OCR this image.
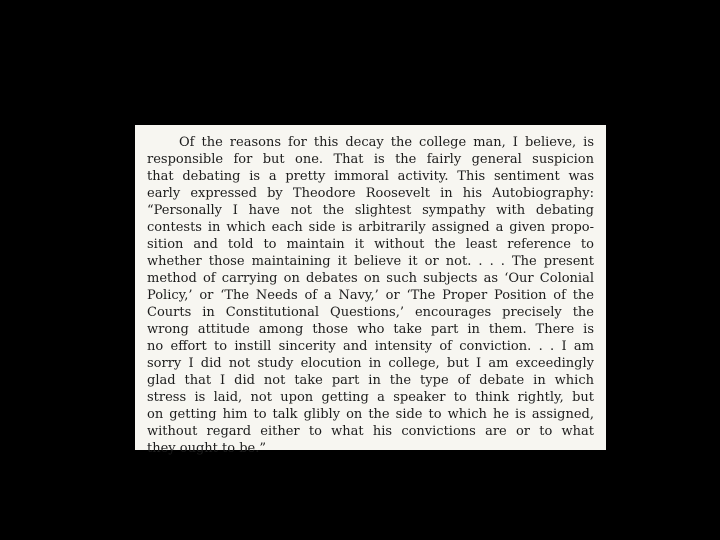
Of the reasons for this decay the college man, I believe, is
responsible for but one. That is the fairly general suspicion
that debating is a pretty immoral activity. This sentiment was
early expressed by Theodore Roosevelt in his Autobiography:
“Personally I have not the slightest sympathy with debating
contests in which each side is arbitrarily assigned a given propo-
sition and told to maintain it without the least reference to
whether those maintaining it believe it or not. . . . The present
method of carrying on debates on such subjects as ‘Our Colonial
Policy,’ or ‘The Needs of a Navy,’ or ‘The Proper Position of the
Courts in Constitutional Questions,’ encourages precisely the
wrong attitude among those who take part in them. There is
no effort to instill sincerity and intensity of conviction. . . I am
sorry I did not study elocution in college, but I am exceedingly
glad that I did not take part in the type of debate in which
stress is laid, not upon getting a speaker to think rightly, but
on getting him to talk glibly on the side to which he is assigned,
without regard either to what his convictions are or to what
they ought to be.”
